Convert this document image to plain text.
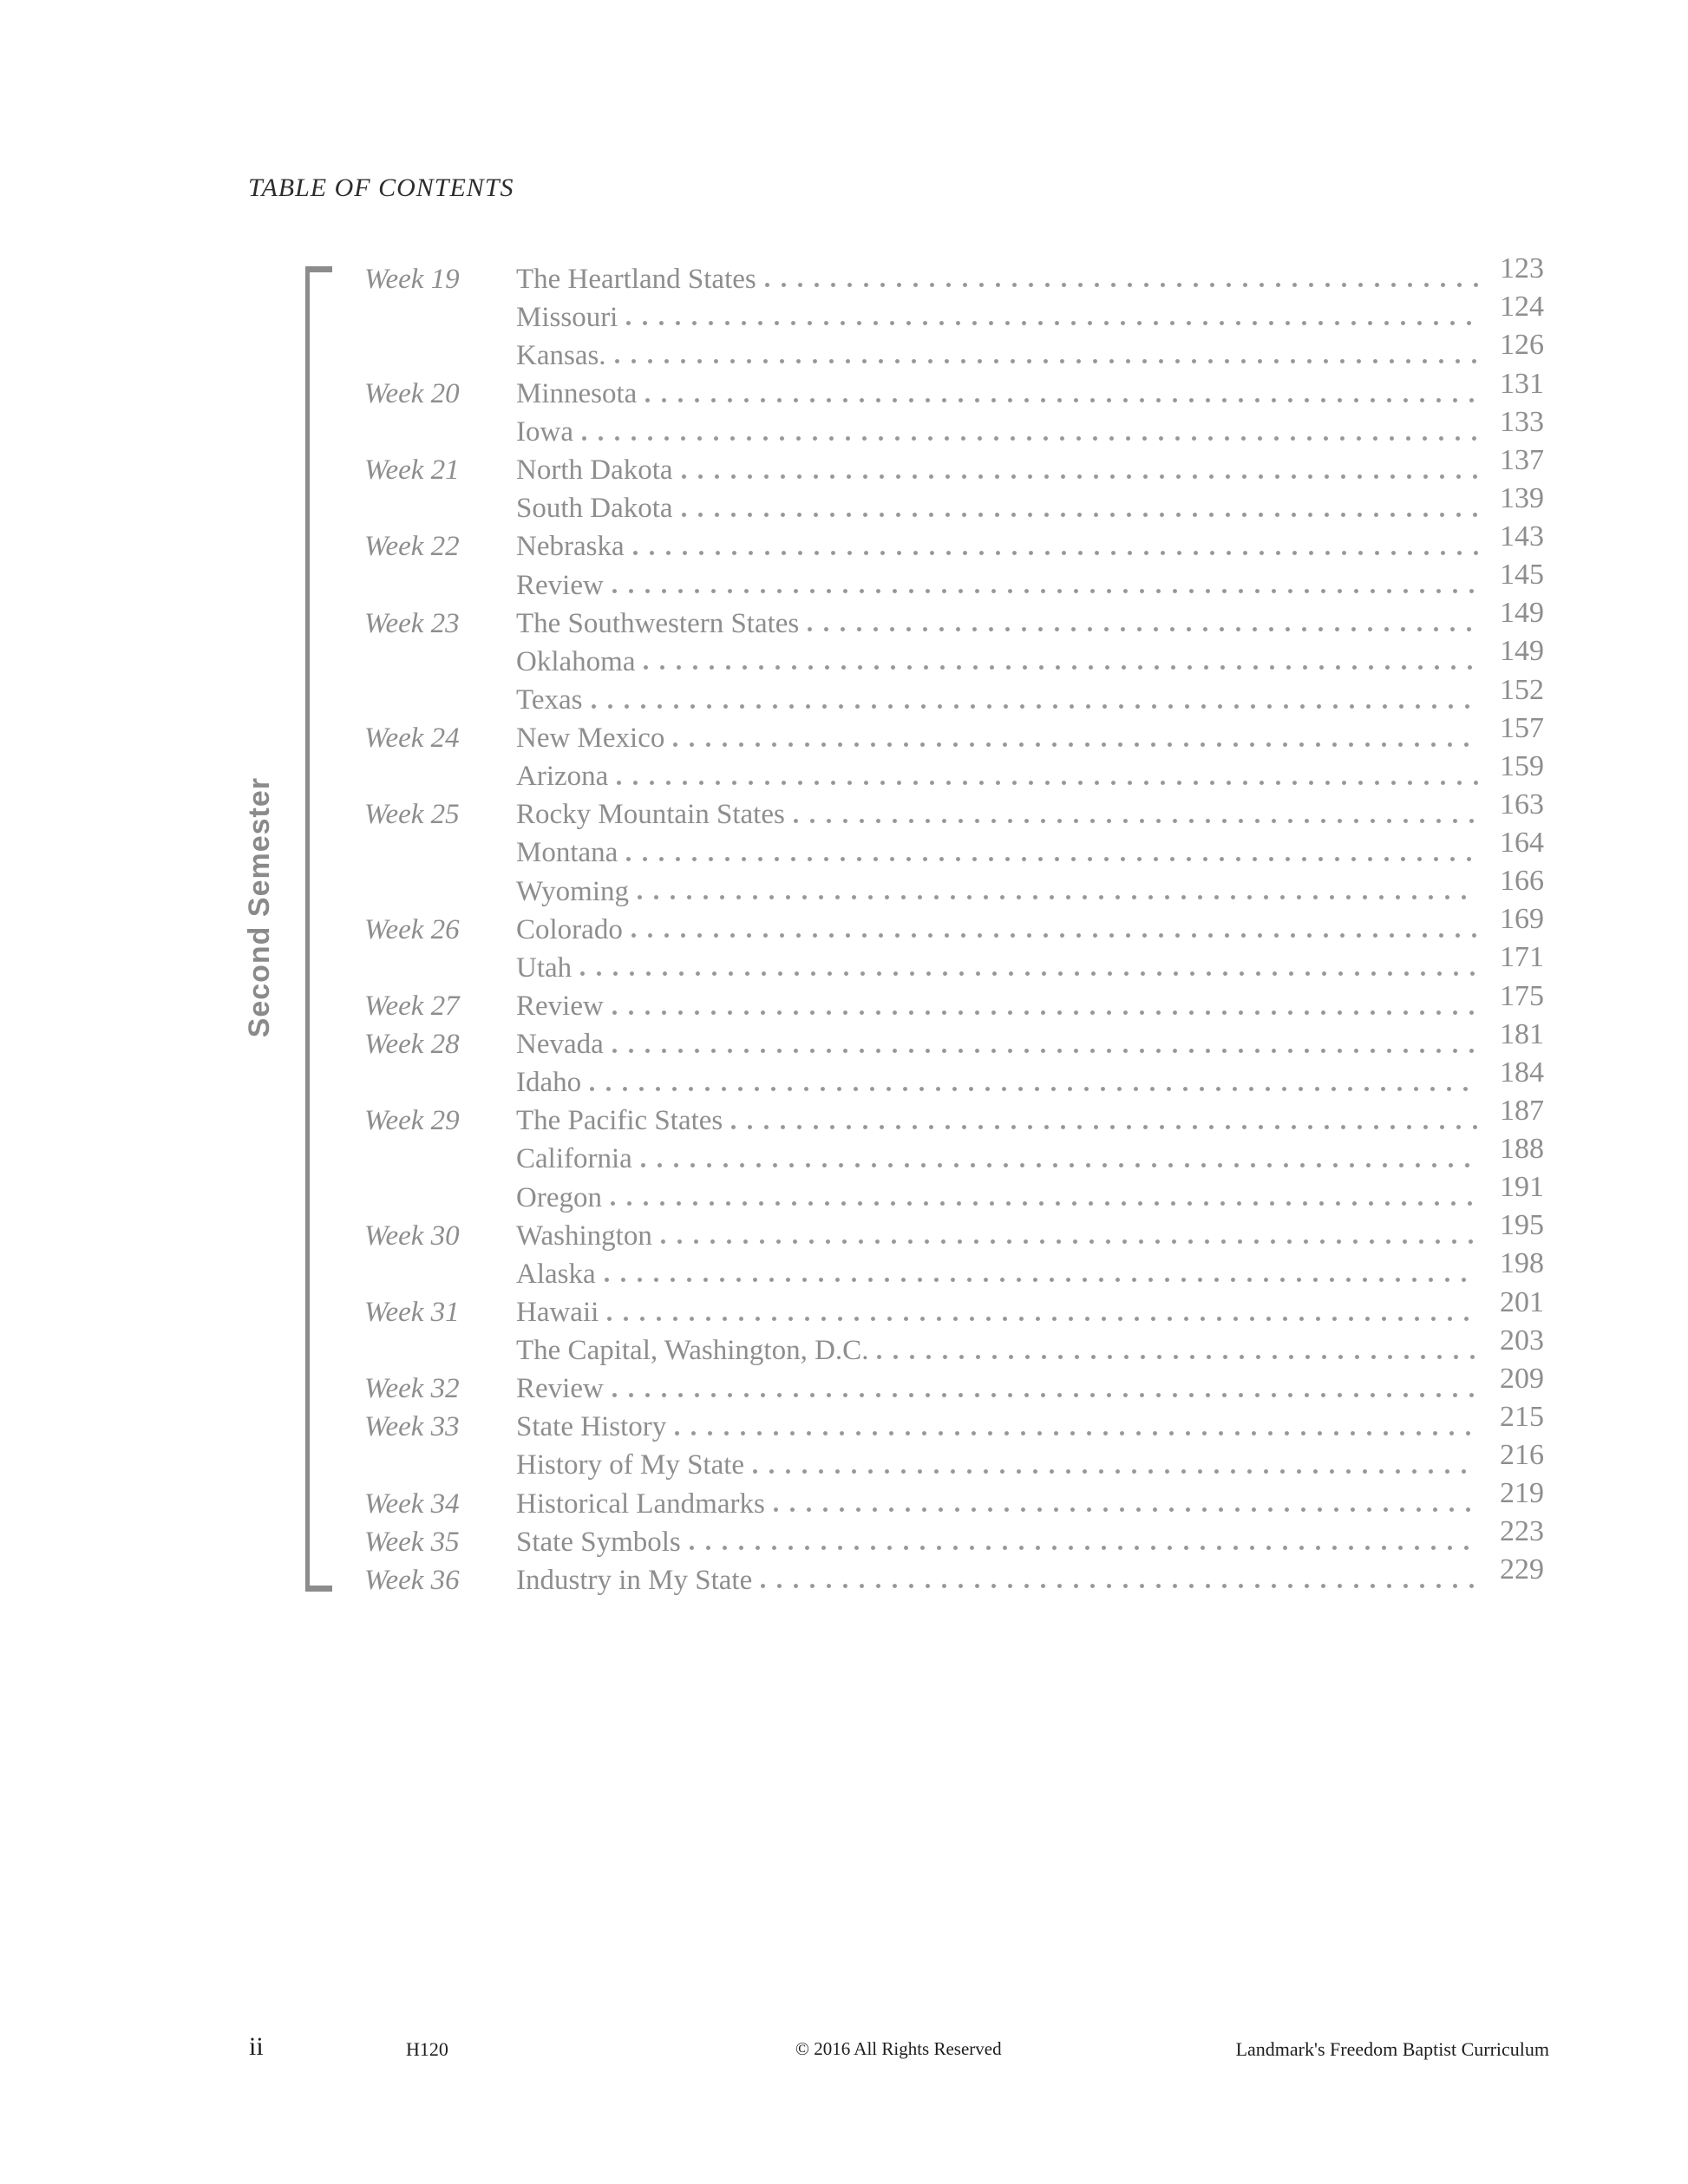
TABLE OF CONTENTS
Second Semester
Week 19	The Heartland States	123
Missouri	124
Kansas.	126
Week 20	Minnesota	131
Iowa	133
Week 21	North Dakota	137
South Dakota	139
Week 22	Nebraska	143
Review	145
Week 23	The Southwestern States	149
Oklahoma	149
Texas	152
Week 24	New Mexico	157
Arizona	159
Week 25	Rocky Mountain States	163
Montana	164
Wyoming	166
Week 26	Colorado	169
Utah	171
Week 27	Review	175
Week 28	Nevada	181
Idaho	184
Week 29	The Pacific States	187
California	188
Oregon	191
Week 30	Washington	195
Alaska	198
Week 31	Hawaii	201
The Capital, Washington, D.C.	203
Week 32	Review	209
Week 33	State History	215
History of My State	216
Week 34	Historical Landmarks	219
Week 35	State Symbols	223
Week 36	Industry in My State	229
ii	H120	© 2016 All Rights Reserved	Landmark's Freedom Baptist Curriculum
